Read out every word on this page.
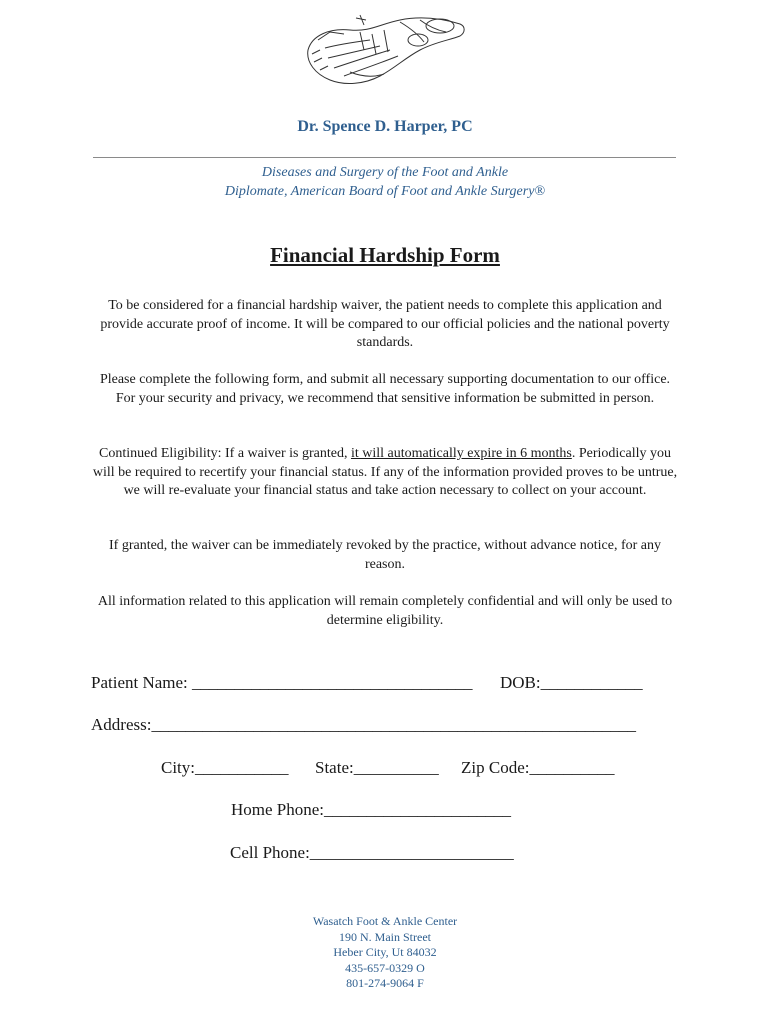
Dr. Spence D. Harper, PC
Diseases and Surgery of the Foot and Ankle
Diplomate, American Board of Foot and Ankle Surgery®
Financial Hardship Form
To be considered for a financial hardship waiver, the patient needs to complete this application and provide accurate proof of income. It will be compared to our official policies and the national poverty standards.
Please complete the following form, and submit all necessary supporting documentation to our office. For your security and privacy, we recommend that sensitive information be submitted in person.
Continued Eligibility: If a waiver is granted, it will automatically expire in 6 months. Periodically you will be required to recertify your financial status. If any of the information provided proves to be untrue, we will re-evaluate your financial status and take action necessary to collect on your account.
If granted, the waiver can be immediately revoked by the practice, without advance notice, for any reason.
All information related to this application will remain completely confidential and will only be used to determine eligibility.
Patient Name: _________________________________ DOB:____________
Address:_________________________________________________________
City:___________ State:__________ Zip Code:__________
Home Phone:______________________
Cell Phone:________________________
Wasatch Foot & Ankle Center
190 N. Main Street
Heber City, Ut 84032
435-657-0329 O
801-274-9064 F
